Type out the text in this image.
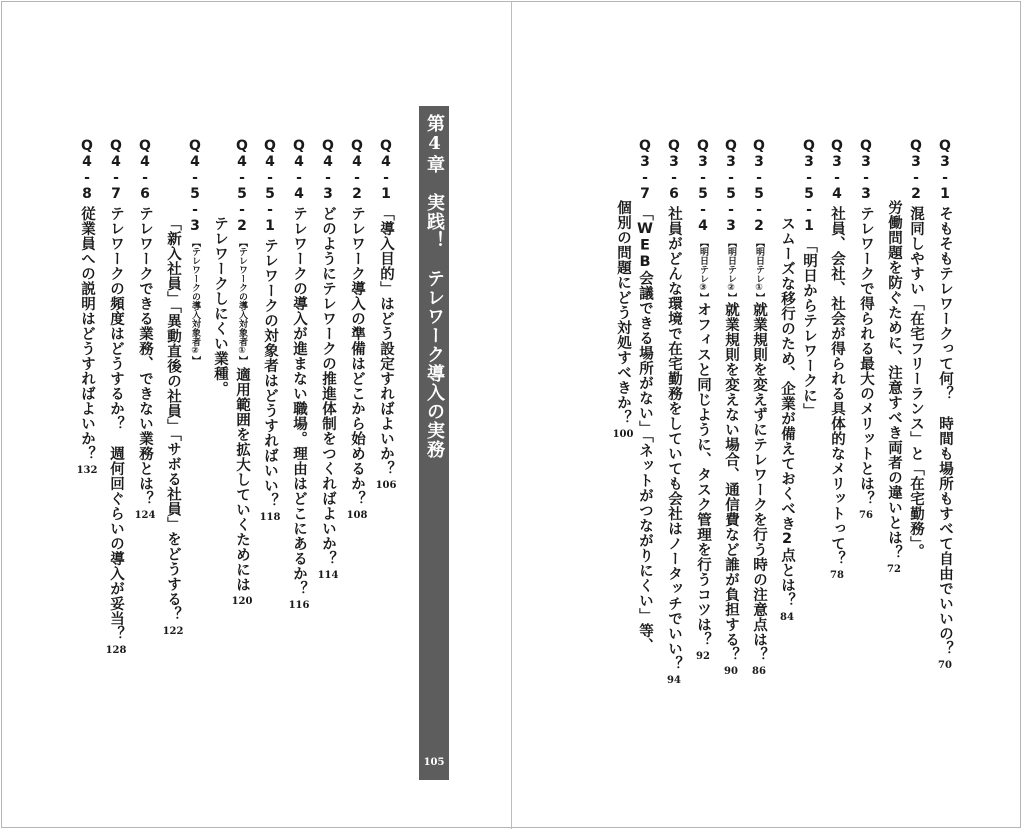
Q
3
-
1
そもそもテレワークって何？　時間も場所もすべて自由でいいの？
70
Q
3
-
2
混同しやすい「在宅フリーランス」と「在宅勤務」。
労働問題を防ぐために、注意すべき両者の違いとは？
72
Q
3
-
3
テレワークで得られる最大のメリットとは？
76
Q
3
-
4
社員、会社、社会が得られる具体的なメリットって？
78
Q
3
-
5
-
1
「明日からテレワークに」
スムーズな移行のため、企業が備えておくべき2点とは？
84
Q
3
-
5
-
2
【明日テレ①】
就業規則を変えずにテレワークを行う時の注意点は？
86
Q
3
-
5
-
3
【明日テレ②】
就業規則を変えない場合、通信費など誰が負担する？
90
Q
3
-
5
-
4
【明日テレ③】
オフィスと同じように、タスク管理を行うコツは？
92
Q
3
-
6
社員がどんな環境で在宅勤務をしていても会社はノータッチでいい？
94
Q
3
-
7
「WEB会議できる場所がない」「ネットがつながりにくい」等、
個別の問題にどう対処すべきか？
100
第4章　実践！　テレワーク導入の実務
105
Q
4
-
1
「導入目的」はどう設定すればよいか？
106
Q
4
-
2
テレワーク導入の準備はどこから始めるか？
108
Q
4
-
3
どのようにテレワークの推進体制をつくればよいか？
114
Q
4
-
4
テレワークの導入が進まない職場。理由はどこにあるか？
116
Q
4
-
5
-
1
テレワークの対象者はどうすればいい？
118
Q
4
-
5
-
2
【テレワークの導入対象者①】
適用範囲を拡大していくためには
120
テレワークしにくい業種。
Q
4
-
5
-
3
【テレワークの導入対象者②】
「新入社員」「異動直後の社員」「サボる社員」をどうする？
122
Q
4
-
6
テレワークできる業務、できない業務とは？
124
Q
4
-
7
テレワークの頻度はどうするか？　週何回ぐらいの導入が妥当？
128
Q
4
-
8
従業員への説明はどうすればよいか？
132
